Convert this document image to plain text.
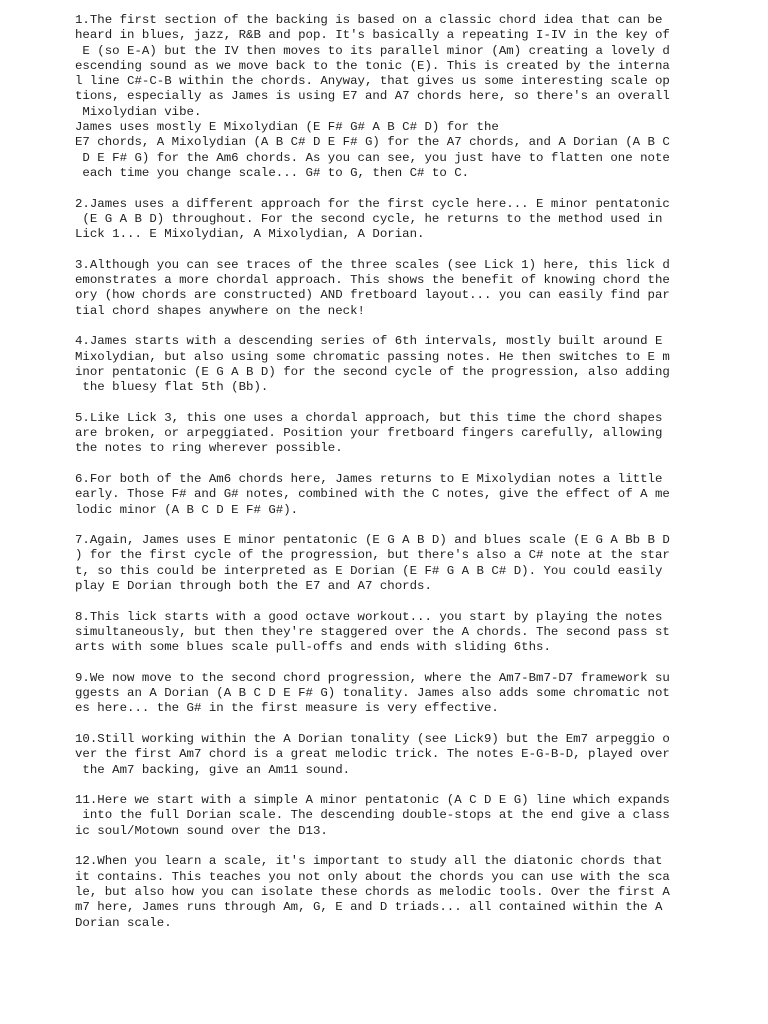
1.The first section of the backing is based on a classic chord idea that can be
heard in blues, jazz, R&B and pop. It's basically a repeating I-IV in the key of
E (so E-A) but the IV then moves to its parallel minor (Am) creating a lovely d
escending sound as we move back to the tonic (E). This is created by the interna
l line C#-C-B within the chords. Anyway, that gives us some interesting scale op
tions, especially as James is using E7 and A7 chords here, so there's an overall
Mixolydian vibe.
James uses mostly E Mixolydian (E F# G# A B C# D) for the
E7 chords, A Mixolydian (A B C# D E F# G) for the A7 chords, and A Dorian (A B C
D E F# G) for the Am6 chords. As you can see, you just have to flatten one note
each time you change scale... G# to G, then C# to C.
2.James uses a different approach for the first cycle here... E minor pentatonic
(E G A B D) throughout. For the second cycle, he returns to the method used in
Lick 1... E Mixolydian, A Mixolydian, A Dorian.
3.Although you can see traces of the three scales (see Lick 1) here, this lick d
emonstrates a more chordal approach. This shows the benefit of knowing chord the
ory (how chords are constructed) AND fretboard layout... you can easily find par
tial chord shapes anywhere on the neck!
4.James starts with a descending series of 6th intervals, mostly built around E
Mixolydian, but also using some chromatic passing notes. He then switches to E m
inor pentatonic (E G A B D) for the second cycle of the progression, also adding
the bluesy flat 5th (Bb).
5.Like Lick 3, this one uses a chordal approach, but this time the chord shapes
are broken, or arpeggiated. Position your fretboard fingers carefully, allowing
the notes to ring wherever possible.
6.For both of the Am6 chords here, James returns to E Mixolydian notes a little
early. Those F# and G# notes, combined with the C notes, give the effect of A me
lodic minor (A B C D E F# G#).
7.Again, James uses E minor pentatonic (E G A B D) and blues scale (E G A Bb B D
) for the first cycle of the progression, but there's also a C# note at the star
t, so this could be interpreted as E Dorian (E F# G A B C# D). You could easily
play E Dorian through both the E7 and A7 chords.
8.This lick starts with a good octave workout... you start by playing the notes
simultaneously, but then they're staggered over the A chords. The second pass st
arts with some blues scale pull-offs and ends with sliding 6ths.
9.We now move to the second chord progression, where the Am7-Bm7-D7 framework su
ggests an A Dorian (A B C D E F# G) tonality. James also adds some chromatic not
es here... the G# in the first measure is very effective.
10.Still working within the A Dorian tonality (see Lick9) but the Em7 arpeggio o
ver the first Am7 chord is a great melodic trick. The notes E-G-B-D, played over
the Am7 backing, give an Am11 sound.
11.Here we start with a simple A minor pentatonic (A C D E G) line which expands
into the full Dorian scale. The descending double-stops at the end give a class
ic soul/Motown sound over the D13.
12.When you learn a scale, it's important to study all the diatonic chords that
it contains. This teaches you not only about the chords you can use with the sca
le, but also how you can isolate these chords as melodic tools. Over the first A
m7 here, James runs through Am, G, E and D triads... all contained within the A
Dorian scale.
